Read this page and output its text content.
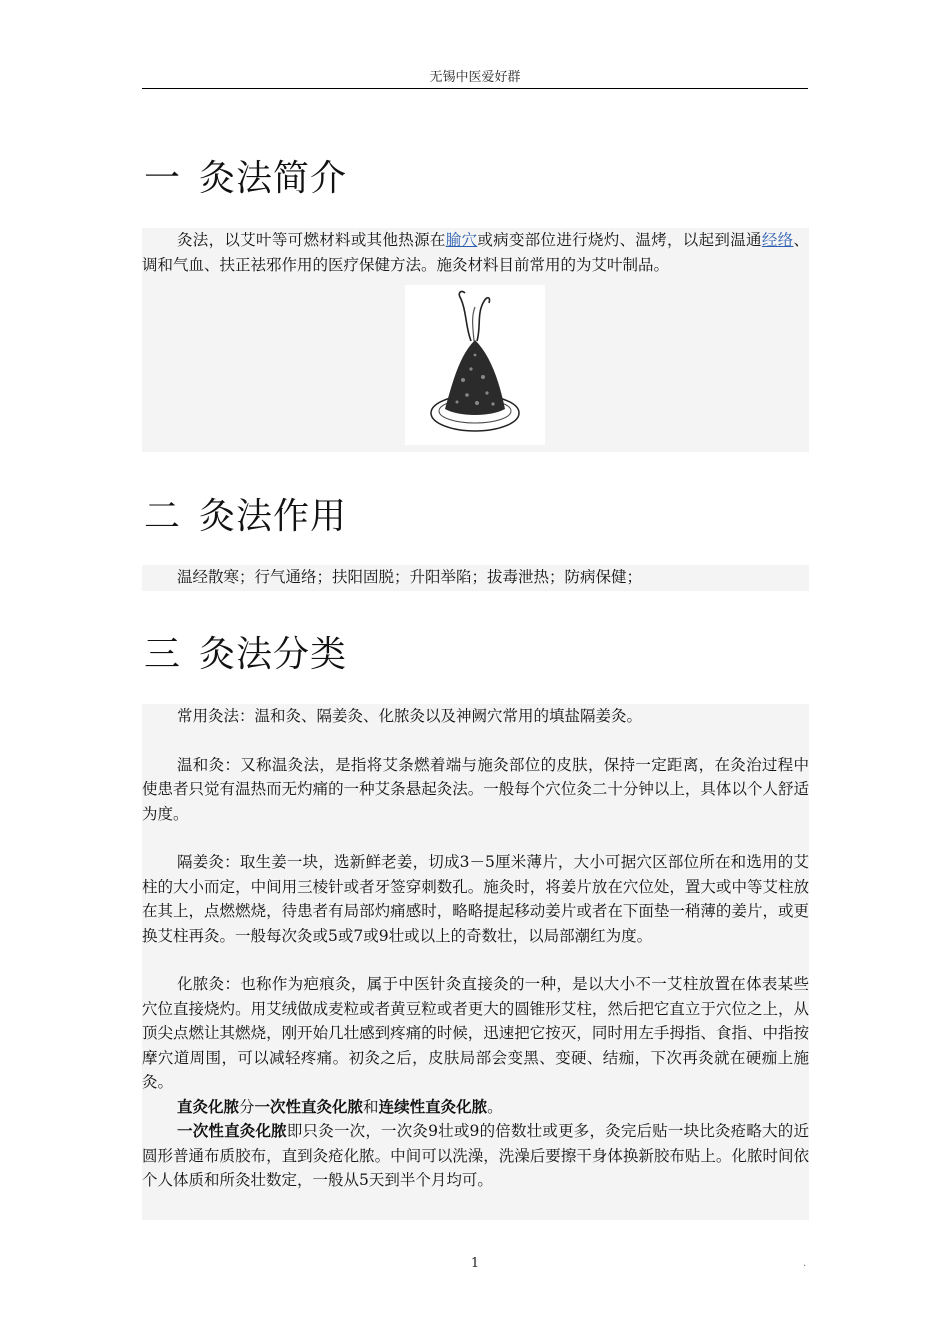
无锡中医爱好群
一 灸法简介

灸法，以艾叶等可燃材料或其他热源在腧穴或病变部位进行烧灼、温烤，以起到温通经络、调和气血、扶正祛邪作用的医疗保健方法。施灸材料目前常用的为艾叶制品。

二 灸法作用

温经散寒；行气通络；扶阳固脱；升阳举陷；拔毒泄热；防病保健；

三 灸法分类

常用灸法：温和灸、隔姜灸、化脓灸以及神阙穴常用的填盐隔姜灸。

温和灸：又称温灸法，是指将艾条燃着端与施灸部位的皮肤，保持一定距离，在灸治过程中使患者只觉有温热而无灼痛的一种艾条悬起灸法。一般每个穴位灸二十分钟以上，具体以个人舒适为度。

隔姜灸：取生姜一块，选新鲜老姜，切成3－5厘米薄片，大小可据穴区部位所在和选用的艾柱的大小而定，中间用三棱针或者牙签穿刺数孔。施灸时，将姜片放在穴位处，置大或中等艾柱放在其上，点燃燃烧，待患者有局部灼痛感时，略略提起移动姜片或者在下面垫一稍薄的姜片，或更换艾柱再灸。一般每次灸或5或7或9壮或以上的奇数壮，以局部潮红为度。

化脓灸：也称作为疤痕灸，属于中医针灸直接灸的一种，是以大小不一艾柱放置在体表某些穴位直接烧灼。用艾绒做成麦粒或者黄豆粒或者更大的圆锥形艾柱，然后把它直立于穴位之上，从顶尖点燃让其燃烧，刚开始几壮感到疼痛的时候，迅速把它按灭，同时用左手拇指、食指、中指按摩穴道周围，可以减轻疼痛。初灸之后，皮肤局部会变黑、变硬、结痂，下次再灸就在硬痂上施灸。

直灸化脓分一次性直灸化脓和连续性直灸化脓。

一次性直灸化脓即只灸一次，一次灸9壮或9的倍数壮或更多，灸完后贴一块比灸疮略大的近圆形普通布质胶布，直到灸疮化脓。中间可以洗澡，洗澡后要擦干身体换新胶布贴上。化脓时间依个人体质和所灸壮数定，一般从5天到半个月均可。

1	.
